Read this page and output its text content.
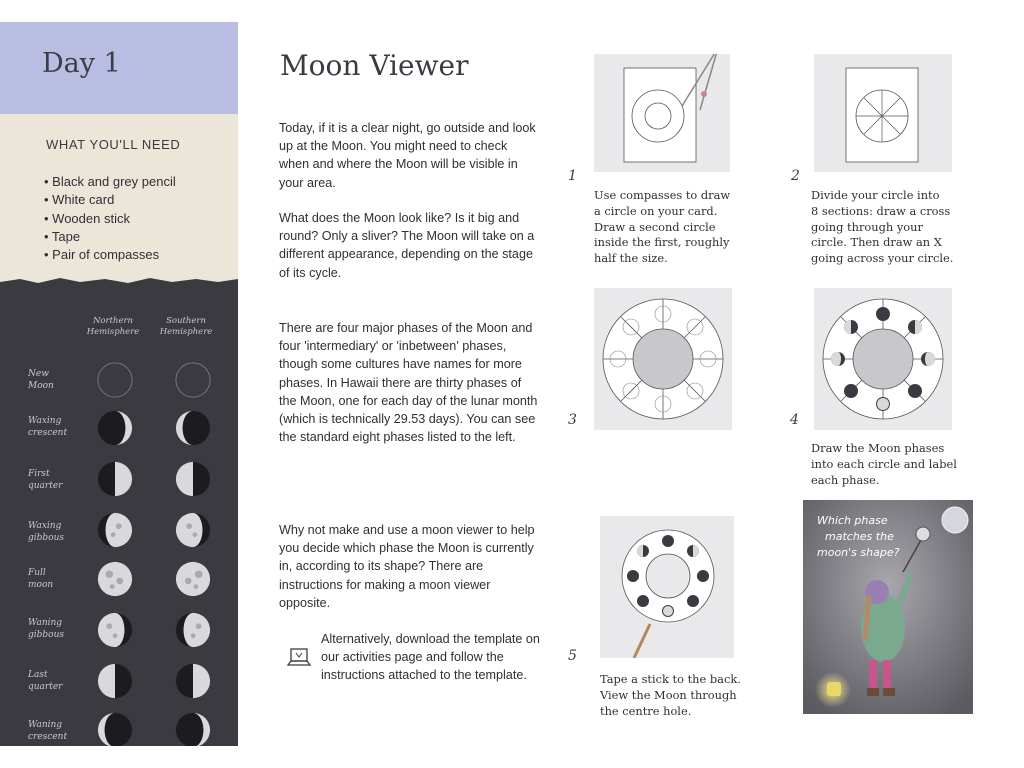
Day 1
WHAT YOU'LL NEED
• Black and grey pencil
• White card
• Wooden stick
• Tape
• Pair of compasses
Northern
Hemisphere
Southern
Hemisphere
New
Moon
Waxing
crescent
First
quarter
Waxing
gibbous
Full
moon
Waning
gibbous
Last
quarter
Waning
crescent
Moon Viewer

Today, if it is a clear night, go outside and look up at the Moon. You might need to check when and where the Moon will be visible in your area.

What does the Moon look like? Is it big and round? Only a sliver? The Moon will take on a different appearance, depending on the stage of its cycle.

There are four major phases of the Moon and four 'intermediary' or 'inbetween' phases, though some cultures have names for more phases. In Hawaii there are thirty phases of the Moon, one for each day of the lunar month (which is technically 29.53 days). You can see the standard eight phases listed to the left.

Why not make and use a moon viewer to help you decide which phase the Moon is currently in, according to its shape? There are instructions for making a moon viewer opposite.

Alternatively, download the template on our activities page and follow the instructions attached to the template.

1
Use compasses to draw
a circle on your card.
Draw a second circle
inside the first, roughly
half the size.
2
Divide your circle into
8 sections: draw a cross
going through your
circle. Then draw an X
going across your circle.
3	4
Draw the Moon phases
into each circle and label
each phase.
5
Tape a stick to the back.
View the Moon through
the centre hole.
Which phase
matches the
moon's shape?
